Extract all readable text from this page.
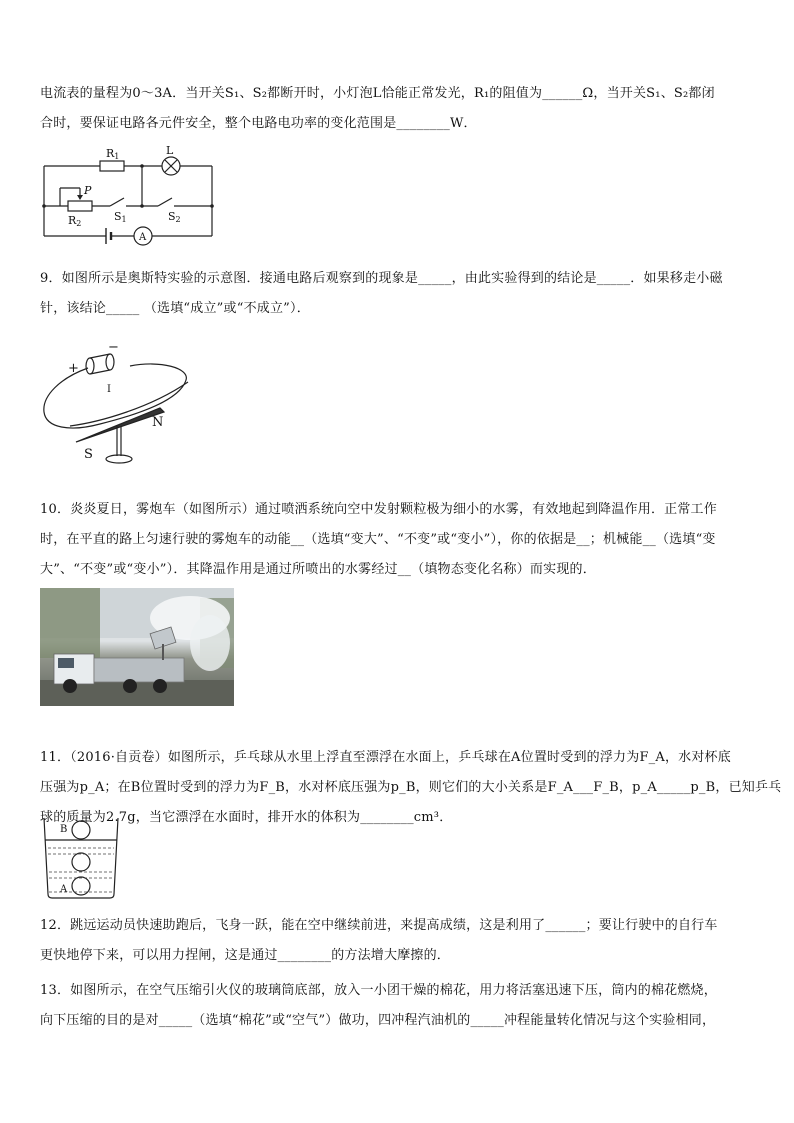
电流表的量程为0～3A．当开关S₁、S₂都断开时，小灯泡L恰能正常发光，R₁的阻值为______Ω，当开关S₁、S₂都闭
合时，要保证电路各元件安全，整个电路电功率的变化范围是________W．
R1	L
P
R2
S1	S2
A
9．如图所示是奥斯特实验的示意图．接通电路后观察到的现象是_____，由此实验得到的结论是_____．如果移走小磁
针，该结论_____ （选填“成立”或“不成立”）．
+
−
I
S
N
10．炎炎夏日，雾炮车（如图所示）通过喷洒系统向空中发射颗粒极为细小的水雾，有效地起到降温作用．正常工作
时，在平直的路上匀速行驶的雾炮车的动能__（选填“变大”、“不变”或“变小”），你的依据是__；机械能__（选填“变
大”、“不变”或“变小”）．其降温作用是通过所喷出的水雾经过__（填物态变化名称）而实现的．
11．（2016·自贡卷）如图所示，乒乓球从水里上浮直至漂浮在水面上，乒乓球在A位置时受到的浮力为F_A，水对杯底
压强为p_A；在B位置时受到的浮力为F_B，水对杯底压强为p_B，则它们的大小关系是F_A___F_B，p_A_____p_B，已知乒乓
球的质量为2.7g，当它漂浮在水面时，排开水的体积为________cm³．
B
A
12．跳远运动员快速助跑后，飞身一跃，能在空中继续前进，来提高成绩，这是利用了______；要让行驶中的自行车
更快地停下来，可以用力捏闸，这是通过________的方法增大摩擦的．
13．如图所示，在空气压缩引火仪的玻璃筒底部，放入一小团干燥的棉花，用力将活塞迅速下压，筒内的棉花燃烧，
向下压缩的目的是对_____（选填“棉花”或“空气”）做功，四冲程汽油机的_____冲程能量转化情况与这个实验相同，
